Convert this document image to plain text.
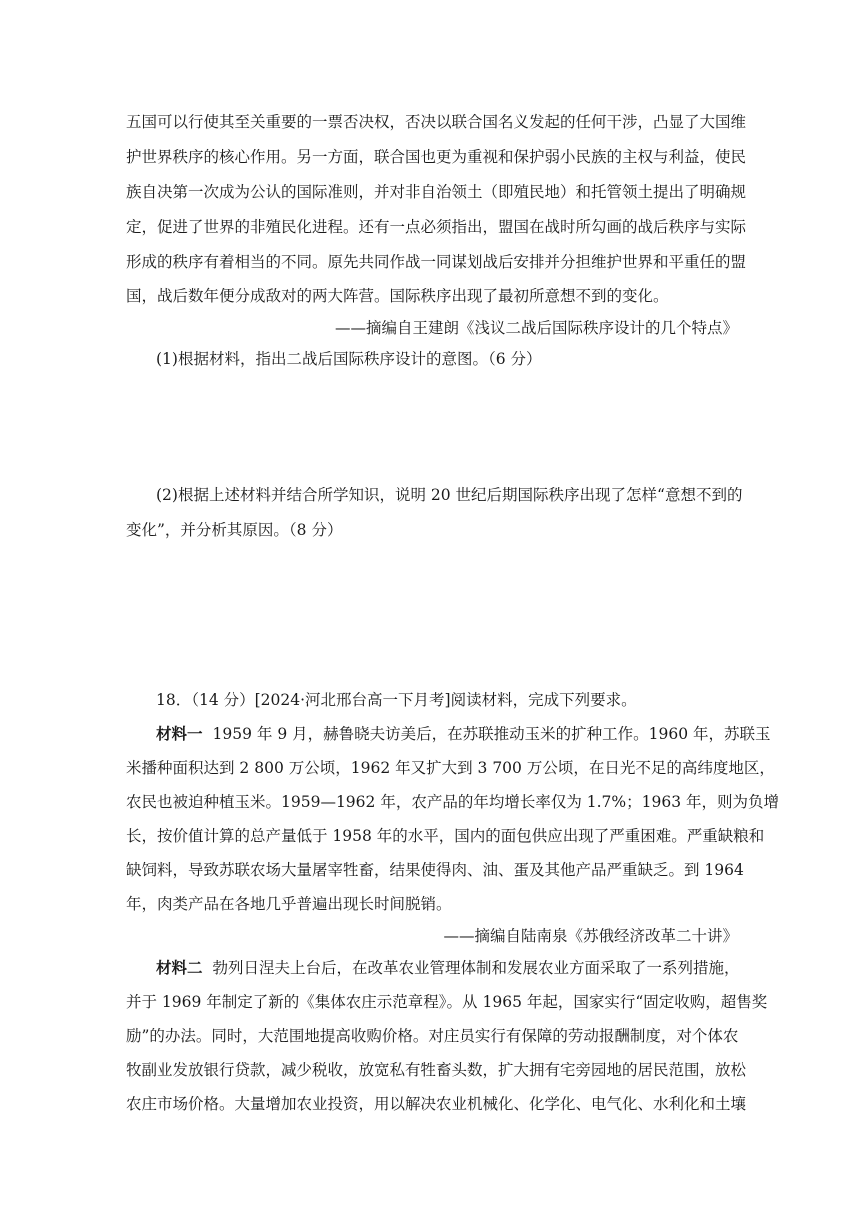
五国可以行使其至关重要的一票否决权，否决以联合国名义发起的任何干涉，凸显了大国维
护世界秩序的核心作用。另一方面，联合国也更为重视和保护弱小民族的主权与利益，使民
族自决第一次成为公认的国际准则，并对非自治领土（即殖民地）和托管领土提出了明确规
定，促进了世界的非殖民化进程。还有一点必须指出，盟国在战时所勾画的战后秩序与实际
形成的秩序有着相当的不同。原先共同作战一同谋划战后安排并分担维护世界和平重任的盟
国，战后数年便分成敌对的两大阵营。国际秩序出现了最初所意想不到的变化。
——摘编自王建朗《浅议二战后国际秩序设计的几个特点》
(1)根据材料，指出二战后国际秩序设计的意图。（6 分）
(2)根据上述材料并结合所学知识，说明 20 世纪后期国际秩序出现了怎样“意想不到的
变化”，并分析其原因。（8 分）
18．（14 分）[2024·河北邢台高一下月考]阅读材料，完成下列要求。
材料一 1959 年 9 月，赫鲁晓夫访美后，在苏联推动玉米的扩种工作。1960 年，苏联玉
米播种面积达到 2 800 万公顷，1962 年又扩大到 3 700 万公顷，在日光不足的高纬度地区，
农民也被迫种植玉米。1959—1962 年，农产品的年均增长率仅为 1.7%；1963 年，则为负增
长，按价值计算的总产量低于 1958 年的水平，国内的面包供应出现了严重困难。严重缺粮和
缺饲料，导致苏联农场大量屠宰牲畜，结果使得肉、油、蛋及其他产品严重缺乏。到 1964
年，肉类产品在各地几乎普遍出现长时间脱销。
——摘编自陆南泉《苏俄经济改革二十讲》
材料二 勃列日涅夫上台后，在改革农业管理体制和发展农业方面采取了一系列措施，
并于 1969 年制定了新的《集体农庄示范章程》。从 1965 年起，国家实行“固定收购，超售奖
励”的办法。同时，大范围地提高收购价格。对庄员实行有保障的劳动报酬制度，对个体农
牧副业发放银行贷款，减少税收，放宽私有牲畜头数，扩大拥有宅旁园地的居民范围，放松
农庄市场价格。大量增加农业投资，用以解决农业机械化、化学化、电气化、水利化和土壤
